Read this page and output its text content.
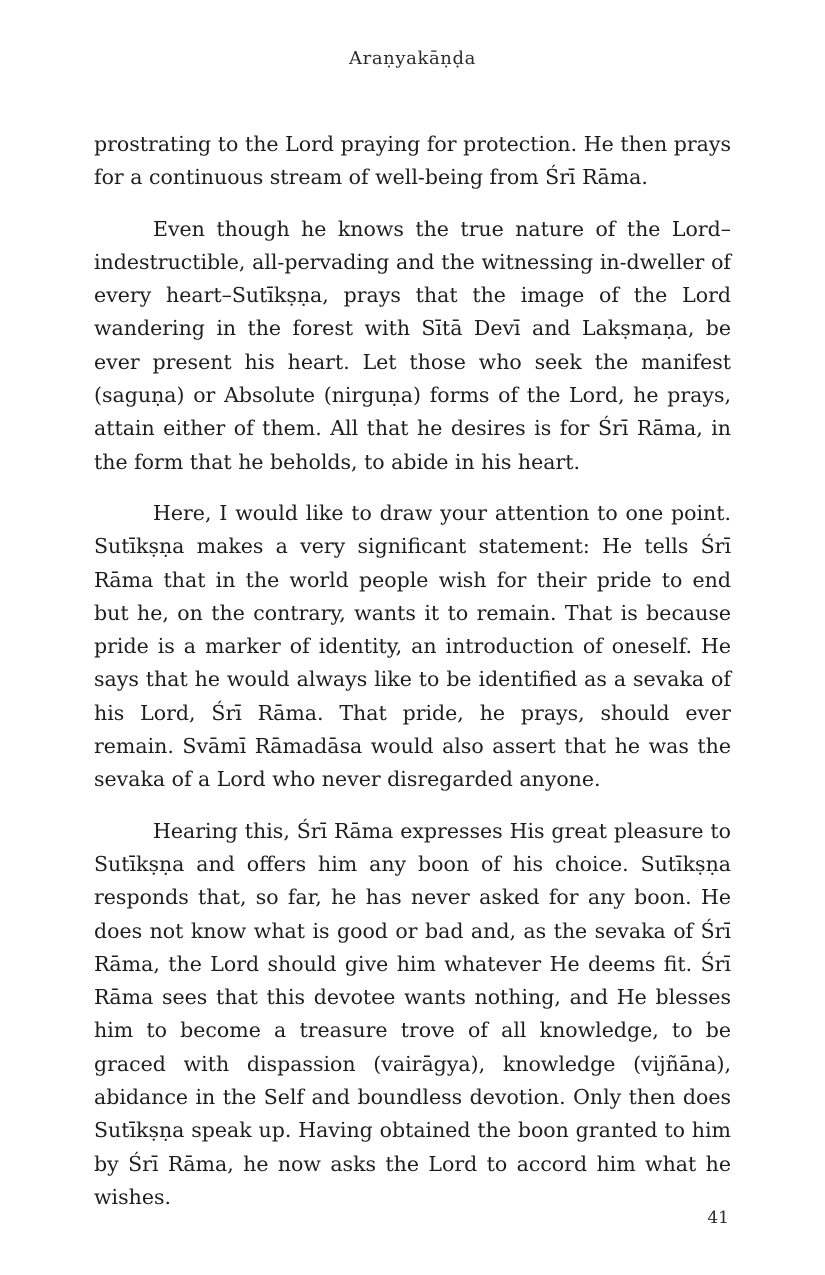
Araṇyakāṇḍa

prostrating to the Lord praying for protection. He then prays for a continuous stream of well-being from Śrī Rāma.

Even though he knows the true nature of the Lord–indestructible, all-pervading and the witnessing in-dweller of every heart–Sutīkṣṇa, prays that the image of the Lord wandering in the forest with Sītā Devī and Lakṣmaṇa, be ever present his heart. Let those who seek the manifest (saguṇa) or Absolute (nirguṇa) forms of the Lord, he prays, attain either of them. All that he desires is for Śrī Rāma, in the form that he beholds, to abide in his heart.

Here, I would like to draw your attention to one point. Sutīkṣṇa makes a very significant statement: He tells Śrī Rāma that in the world people wish for their pride to end but he, on the contrary, wants it to remain. That is because pride is a marker of identity, an introduction of oneself. He says that he would always like to be identified as a sevaka of his Lord, Śrī Rāma. That pride, he prays, should ever remain. Svāmī Rāmadāsa would also assert that he was the sevaka of a Lord who never disregarded anyone.

Hearing this, Śrī Rāma expresses His great pleasure to Sutīkṣṇa and offers him any boon of his choice. Sutīkṣṇa responds that, so far, he has never asked for any boon. He does not know what is good or bad and, as the sevaka of Śrī Rāma, the Lord should give him whatever He deems fit. Śrī Rāma sees that this devotee wants nothing, and He blesses him to become a treasure trove of all knowledge, to be graced with dispassion (vairāgya), knowledge (vijñāna), abidance in the Self and boundless devotion. Only then does Sutīkṣṇa speak up. Having obtained the boon granted to him by Śrī Rāma, he now asks the Lord to accord him what he wishes.

41
